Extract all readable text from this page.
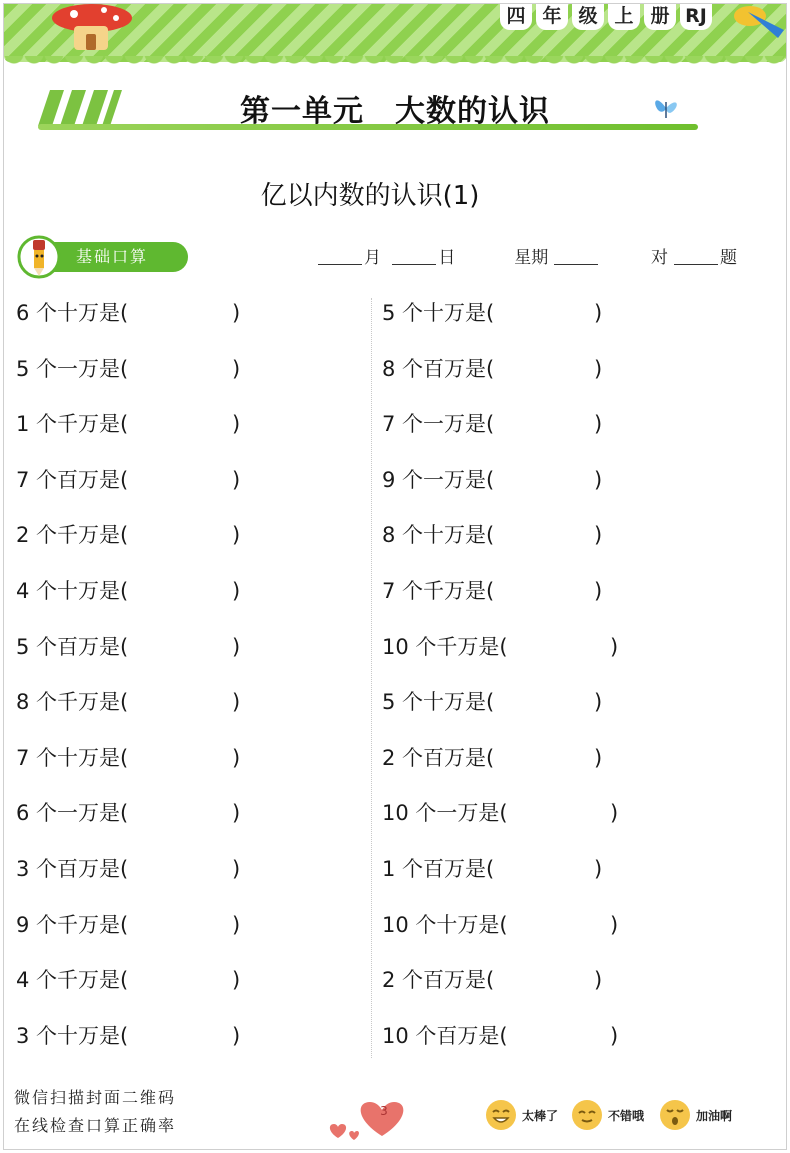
四 年 级 上 册 RJ
第一单元　大数的认识
亿以内数的认识(1)
基础口算	月	日	星期	对	题
6 个十万是(	)
5 个一万是(	)
1 个千万是(	)
7 个百万是(	)
2 个千万是(	)
4 个十万是(	)
5 个百万是(	)
8 个千万是(	)
7 个十万是(	)
6 个一万是(	)
3 个百万是(	)
9 个千万是(	)
4 个千万是(	)
3 个十万是(	)
5 个十万是(	)
8 个百万是(	)
7 个一万是(	)
9 个一万是(	)
8 个十万是(	)
7 个千万是(	)
10 个千万是(	)
5 个十万是(	)
2 个百万是(	)
10 个一万是(	)
1 个百万是(	)
10 个十万是(	)
2 个百万是(	)
10 个百万是(	)
微信扫描封面二维码
在线检查口算正确率
3	太棒了	不错哦	加油啊
